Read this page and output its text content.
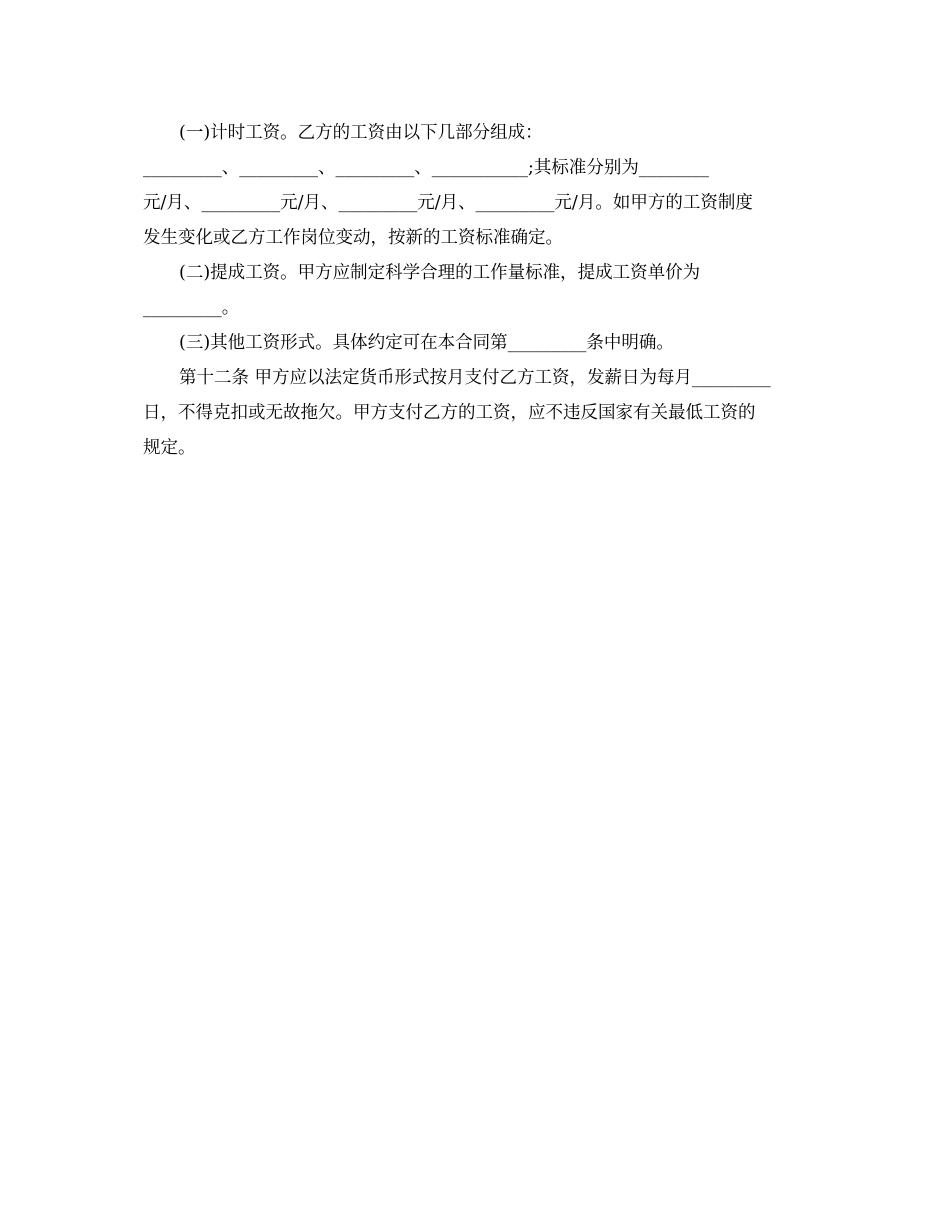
(一)计时工资。乙方的工资由以下几部分组成：
_________、_________、_________、___________;其标准分别为________
元/月、_________元/月、_________元/月、_________元/月。如甲方的工资制度
发生变化或乙方工作岗位变动，按新的工资标准确定。
(二)提成工资。甲方应制定科学合理的工作量标准，提成工资单价为
_________。
(三)其他工资形式。具体约定可在本合同第_________条中明确。
第十二条 甲方应以法定货币形式按月支付乙方工资，发薪日为每月_________
日，不得克扣或无故拖欠。甲方支付乙方的工资，应不违反国家有关最低工资的
规定。
